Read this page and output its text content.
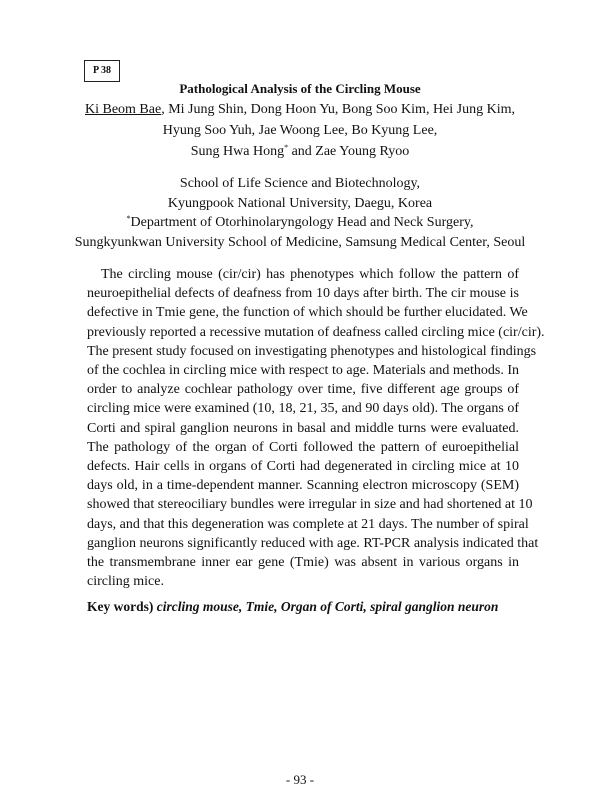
P 38
Pathological Analysis of the Circling Mouse
Ki Beom Bae, Mi Jung Shin, Dong Hoon Yu, Bong Soo Kim, Hei Jung Kim,
Hyung Soo Yuh, Jae Woong Lee, Bo Kyung Lee,
Sung Hwa Hong* and Zae Young Ryoo
School of Life Science and Biotechnology,
Kyungpook National University, Daegu, Korea
*Department of Otorhinolaryngology Head and Neck Surgery,
Sungkyunkwan University School of Medicine, Samsung Medical Center, Seoul
The circling mouse (cir/cir) has phenotypes which follow the pattern of
neuroepithelial defects of deafness from 10 days after birth. The cir mouse is
defective in Tmie gene, the function of which should be further elucidated. We
previously reported a recessive mutation of deafness called circling mice (cir/cir).
The present study focused on investigating phenotypes and histological findings
of the cochlea in circling mice with respect to age. Materials and methods. In
order to analyze cochlear pathology over time, five different age groups of
circling mice were examined (10, 18, 21, 35, and 90 days old). The organs of
Corti and spiral ganglion neurons in basal and middle turns were evaluated.
The pathology of the organ of Corti followed the pattern of euroepithelial
defects. Hair cells in organs of Corti had degenerated in circling mice at 10
days old, in a time-dependent manner. Scanning electron microscopy (SEM)
showed that stereociliary bundles were irregular in size and had shortened at 10
days, and that this degeneration was complete at 21 days. The number of spiral
ganglion neurons significantly reduced with age. RT-PCR analysis indicated that
the transmembrane inner ear gene (Tmie) was absent in various organs in
circling mice.
Key words) circling mouse, Tmie, Organ of Corti, spiral ganglion neuron
- 93 -
